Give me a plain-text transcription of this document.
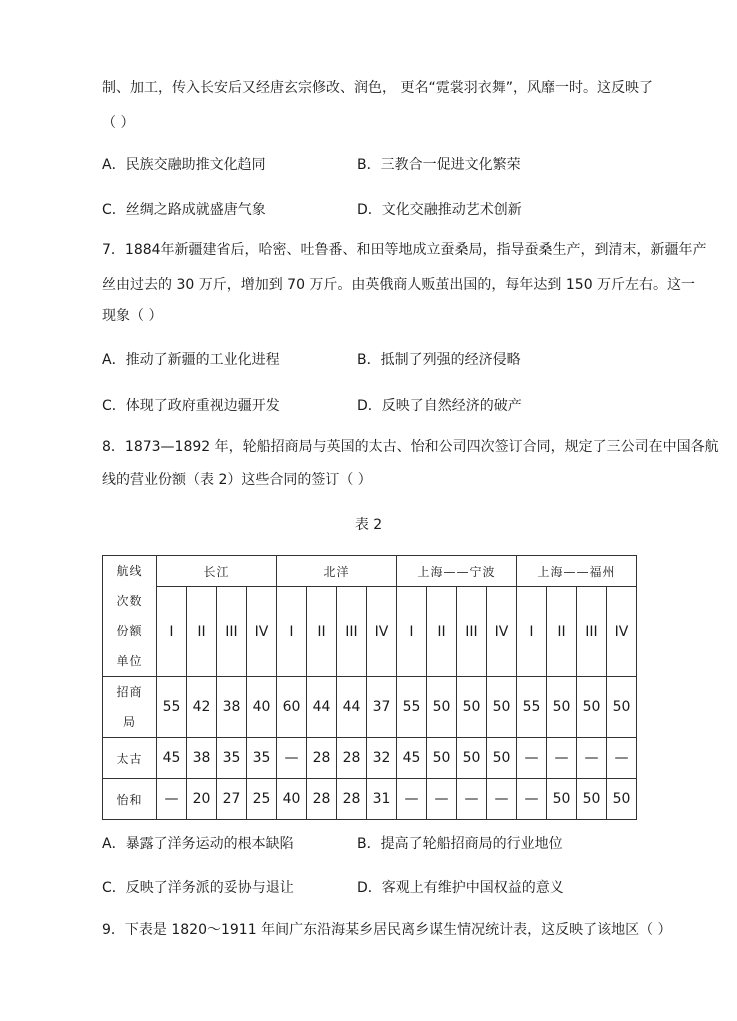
制、加工，传入长安后又经唐玄宗修改、润色， 更名“霓裳羽衣舞”，风靡一时。这反映了
（ ）
A．民族交融助推文化趋同	B．三教合一促进文化繁荣
C．丝绸之路成就盛唐气象	D．文化交融推动艺术创新
7．1884年新疆建省后，哈密、吐鲁番、和田等地成立蚕桑局，指导蚕桑生产，到清末，新疆年产
丝由过去的 30 万斤，增加到 70 万斤。由英俄商人贩茧出国的，每年达到 150 万斤左右。这一
现象（ ）
A．推动了新疆的工业化进程	B．抵制了列强的经济侵略
C．体现了政府重视边疆开发	D．反映了自然经济的破产
8．1873—1892 年，轮船招商局与英国的太古、怡和公司四次签订合同，规定了三公司在中国各航
线的营业份额（表 2）这些合同的签订（ ）
表 2
航线
次数
份额
单位	长江				北洋				上海——宁波				上海——福州			
	I	II	III	IV	I	II	III	IV	I	II	III	IV	I	II	III	IV

招商
局	55	42	38	40	60	44	44	37	55	50	50	50	55	50	50	50
太古	45	38	35	35	—	28	28	32	45	50	50	50	—	—	—	—
怡和	—	20	27	25	40	28	28	31	—	—	—	—	—	50	50	50
A．暴露了洋务运动的根本缺陷	B．提高了轮船招商局的行业地位
C．反映了洋务派的妥协与退让	D．客观上有维护中国权益的意义
9．下表是 1820～1911 年间广东沿海某乡居民离乡谋生情况统计表，这反映了该地区（ ）
